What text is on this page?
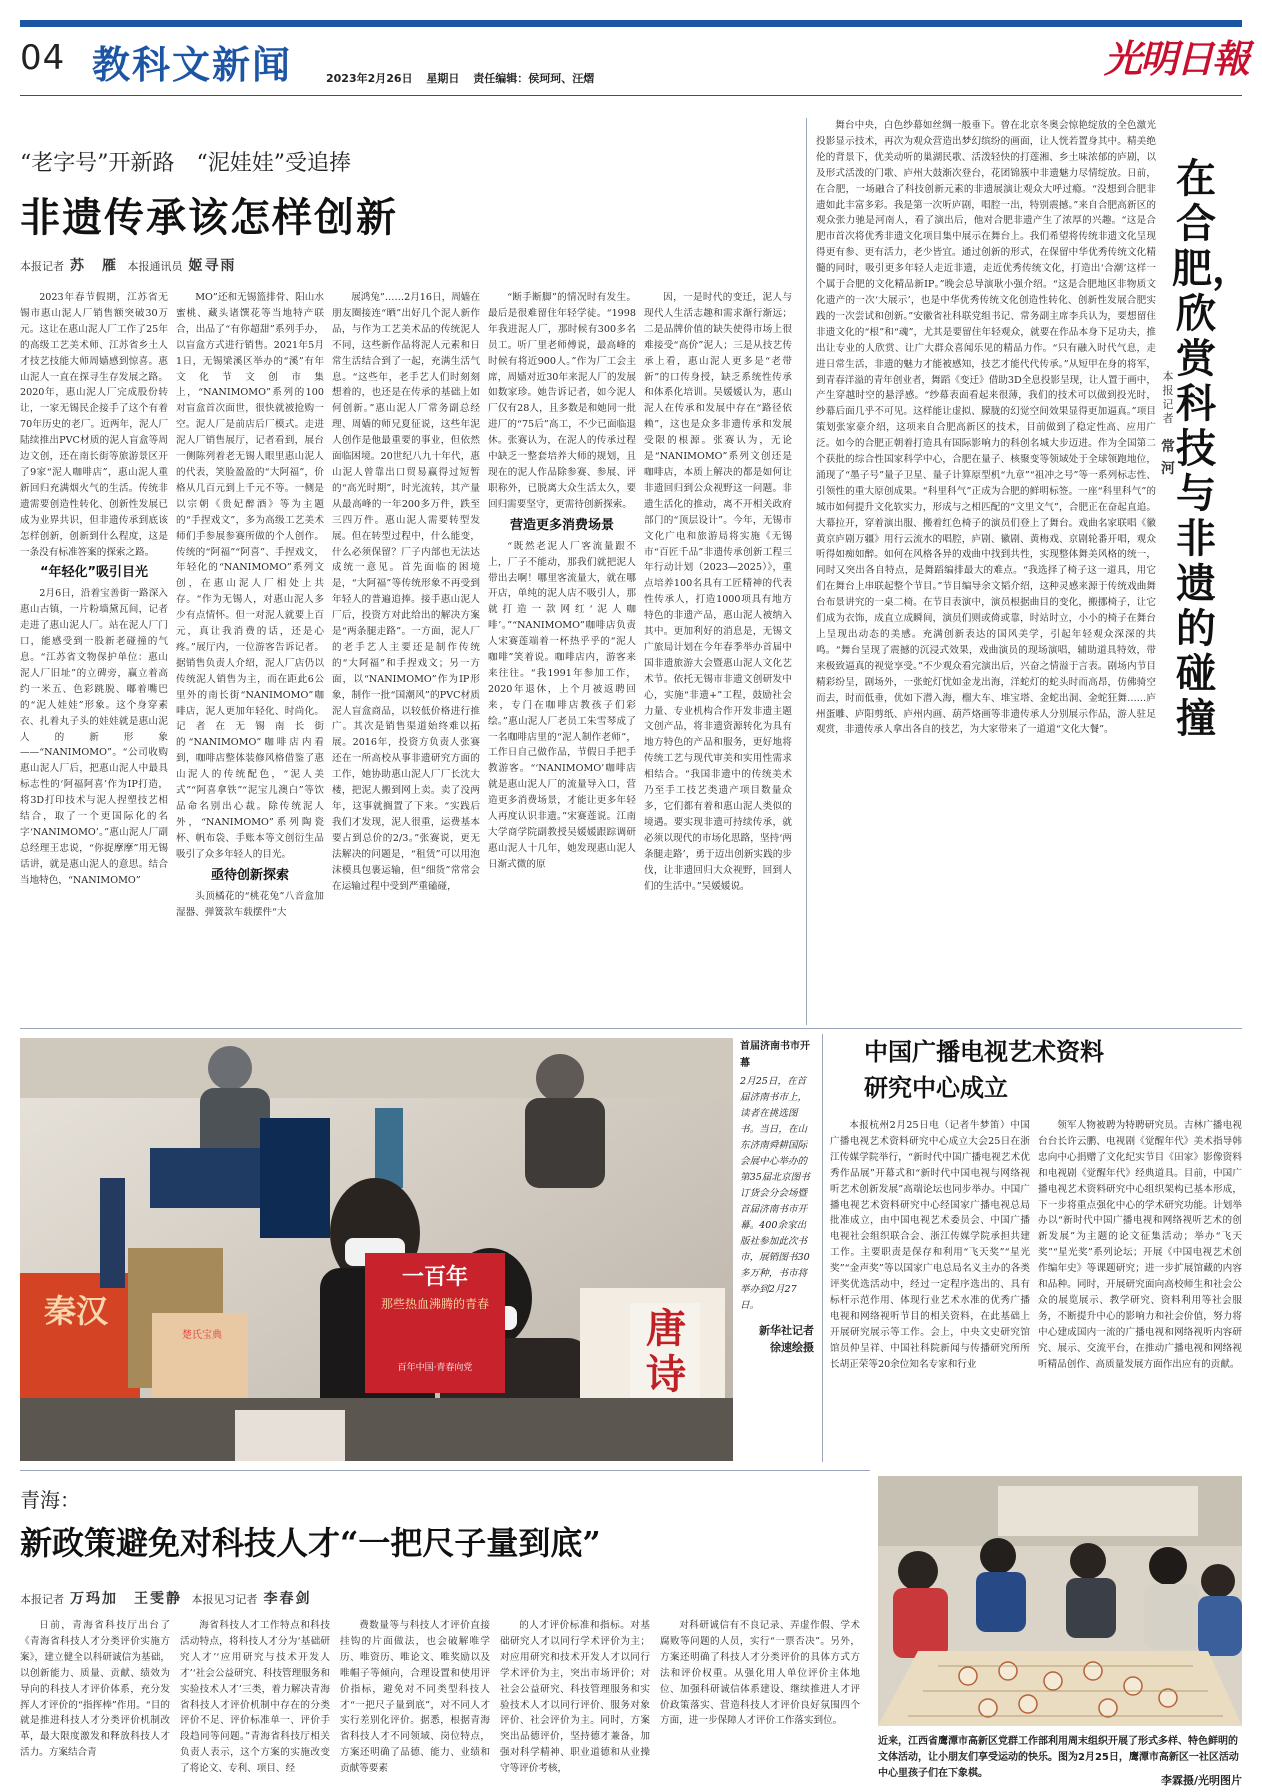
04 教科文新闻	2023年2月26日 星期日 责任编辑：侯珂珂、汪熠	光明日報
“老字号”开新路　“泥娃娃”受追捧
非遗传承该怎样创新
本报记者 苏　雁 本报通讯员 姬寻雨

2023年春节假期，江苏省无锡市惠山泥人厂销售额突破30万元。这让在惠山泥人厂工作了25年的高级工艺美术师、江苏省乡土人才技艺技能大师周嫱感到惊喜。惠山泥人一直在探寻生存发展之路。2020年，惠山泥人厂完成股份转让，一家无锡民企接手了这个有着70年历史的老厂。近两年，泥人厂陆续推出PVC材质的泥人盲盒等周边文创，还在南长街等旅游景区开了9家“泥人咖啡店”，惠山泥人重新回归充满烟火气的生活。传统非遗需要创造性转化、创新性发展已成为业界共识，但非遗传承到底该怎样创新，创新到什么程度，这是一条没有标准答案的探索之路。

“年轻化”吸引目光

2月6日，沿着宝善街一路深入惠山古镇，一片粉墙黛瓦间，记者走进了惠山泥人厂。站在泥人厂门口，能感受到一股新老碰撞的气息。“江苏省文物保护单位：惠山泥人厂旧址”的立碑旁，赢立着高约一米五、色彩跳脱、嘟着嘴巴的“泥人娃娃”形象。这个身穿素衣、扎着丸子头的娃娃就是惠山泥人的新形象——“NANIMOMO”。“公司收购惠山泥人厂后，把惠山泥人中最具标志性的‘阿福阿喜’作为IP打造，将3D打印技术与泥人捏塑技艺相结合，取了一个更国际化的名字‘NANIMOMO’。”惠山泥人厂副总经理王忠说，“你捉摩摩”用无锡话讲，就是惠山泥人的意思。结合当地特色，“NANIMOMO”

MO”还和无锡篮排骨、阳山水蜜桃、藏头诸馔花等当地特产联合，出品了“有你超甜”系列手办，以盲盒方式进行销售。2021年5月1日，无锡梁溪区举办的“溪”有年文化节文创市集上，“NANIMOMO”系列的100对盲盒首次面世，很快就被抢购一空。泥人厂是前店后厂模式。走进泥人厂销售展厅，记者看到，展台一侧陈列着老无锡人眼里惠山泥人的代表，笑脸盈盈的“大阿福”，价格从几百元到上千元不等。一侧是以宗朝《贵妃醉酒》等为主题的“手捏戏文”，多为高级工艺美术师们手参展参赛所做的个人创作。传统的“阿福”“阿喜”、手捏戏文，年轻化的“NANIMOMO”系列文创，在惠山泥人厂相处上共存。“作为无锡人，对惠山泥人多少有点情怀。但一对泥人就要上百元，真让我消费的话，还是心疼。”展厅内，一位游客告诉记者。据销售负责人介绍，泥人厂店仍以传统泥人销售为主，而在距此6公里外的南长街“NANIMOMO”咖啡店，泥人更加年轻化、时尚化。记者在无锡南长街的“NANIMOMO”咖啡店内看到，咖啡店整体装修风格借鉴了惠山泥人的传统配色，“泥人美式”“阿喜拿铁”“泥宝儿澳白”等饮品命名别出心裁。除传统泥人外，“NANIMOMO”系列陶瓷杯、帆布袋、手账本等文创衍生品吸引了众多年轻人的目光。

亟待创新探索

头顶橘花的“桃花兔”八音盒加湿器、弹簧款车载摆件“大

展鸿兔”……2月16日，周嫱在朋友圈接连“晒”出好几个泥人新作品，与作为工艺美术品的传统泥人不同，这些新作品将泥人元素和日常生活结合到了一起，充满生活气息。“这些年，老手艺人们时刻刻想着的，也还是在传承的基础上如何创新。”惠山泥人厂常务副总经理、周嫱的师兄夏征说，这些年泥人创作是他最重要的事业，但依然面临困境。20世纪八九十年代，惠山泥人曾靠出口贸易赢得过短暂的“高光时期”，时光流转，其产量从最高峰的一年200多万件，跌至三四万件。惠山泥人需要转型发展。但在转型过程中，什么能变，什么必须保留？厂子内部也无法达成统一意见。首先面临的困境是，“大阿福”等传统形象不再受到年轻人的普遍追捧。接手惠山泥人厂后，投资方对此给出的解决方案是“两条腿走路”。一方面，泥人厂的老手艺人主要还是制作传统的“大阿福”和手捏戏文；另一方面，以“NANIMOMO”作为IP形象，制作一批“国潮风”的PVC材质泥人盲盒商品，以较低价格进行推广。其次是销售渠道始终难以拓展。2016年，投资方负责人张赛还在一所高校从事非遗研究方面的工作，她协助惠山泥人厂厂长沈大楼，把泥人搬到网上卖。卖了没两年，这事就搁置了下来。“实践后我们才发现，泥人很重，运费基本要占到总价的2/3。”张赛说，更无法解决的问题是，“租赁”可以用泡沫模具包裹运输，但“细货”常常会在运输过程中受到严重磕碰，

“断手断脚”的情况时有发生。最后是很难留住年轻学徒。“1998年我进泥人厂，那时候有300多名员工。听厂里老师傅说，最高峰的时候有将近900人。”作为厂工会主席，周嫱对近30年来泥人厂的发展如数家珍。她告诉记者，如今泥人厂仅有28人，且多数是和她同一批进厂的“75后”高工，不少已面临退休。张赛认为，在泥人的传承过程中缺乏一整套培养大师的规划，且现在的泥人作品除参赛、参展、评职称外，已脱离大众生活太久，要回归需要坚守，更需待创新探索。

营造更多消费场景

“既然老泥人厂客流量跟不上，厂子不能动，那我们就把泥人带出去啊！哪里客流量大，就在哪开店，单纯的泥人店不吸引人，那就打造一款网红‘泥人咖啡’。”“NANIMOMO”咖啡店负责人宋赛莲端着一杯热乎乎的“泥人咖啡”笑着说。咖啡店内，游客来来往往。“我1991年参加工作，2020年退休，上个月被返聘回来，专门在咖啡店教孩子们彩绘。”惠山泥人厂老员工朱雪琴成了一名咖啡店里的“泥人制作老师”，工作日自己做作品，节假日手把手教游客。“‘NANIMOMO’咖啡店就是惠山泥人厂的流量导入口，营造更多消费场景，才能让更多年轻人再度认识非遗。”宋赛莲说。江南大学商学院副教授吴媛媛跟踪调研惠山泥人十几年，她发现惠山泥人日渐式微的原

因，一是时代的变迁，泥人与现代人生活志趣和需求渐行渐远；二是品牌价值的缺失使得市场上很难接受“高价”泥人；三是从技艺传承上看，惠山泥人更多是“老带新”的口传身授，缺乏系统性传承和体系化培训。吴媛媛认为，惠山泥人在传承和发展中存在“路径依赖”，这也是众多非遗传承和发展受限的根源。张赛认为，无论是“NANIMOMO”系列文创还是咖啡店，本质上解决的都是如何让非遗回归到公众视野这一问题。非遗生活化的推动，离不开相关政府部门的“顶层设计”。今年，无锡市文化广电和旅游局将实施《无锡市“百匠千品”非遗传承创新工程三年行动计划（2023—2025）》，重点培养100名具有工匠精神的代表性传承人，打造1000项具有地方特色的非遗产品，惠山泥人被纳入其中。更加利好的消息是，无锡文广旅局计划在今年春季举办首届中国非遗旅游大会暨惠山泥人文化艺术节。依托无锡市非遗文创研发中心，实施“非遗+”工程，鼓励社会力量、专业机构合作开发非遗主题文创产品，将非遗资源转化为具有地方特色的产品和服务，更好地将传统工艺与现代审美和实用性需求相结合。“我国非遗中的传统美术乃至手工技艺类遗产项目数量众多，它们都有着和惠山泥人类似的境遇。要实现非遗可持续传承，就必须以现代的市场化思路，坚持‘两条腿走路’，勇于迈出创新实践的步伐，让非遗回归大众视野，回到人们的生活中。”吴媛媛说。

舞台中央，白色纱幕如丝绸一般垂下。曾在北京冬奥会惊艳绽放的全色激光投影显示技术，再次为观众营造出梦幻缤纷的画面，让人恍若置身其中。精美绝伦的背景下，优美动听的巢湖民歌、活泼轻快的打莲湘、乡土味浓郁的庐剧，以及形式活泼的门歌、庐州大鼓渐次登台，花团锦簇中非遗魅力尽情绽放。日前，在合肥，一场融合了科技创新元素的非遗展演让观众大呼过瘾。“没想到合肥非遗如此丰富多彩。我是第一次听庐剧，唱腔一出，特别震撼。”来自合肥高新区的观众张力驰是河南人，看了演出后，他对合肥非遗产生了浓厚的兴趣。“这是合肥市首次将优秀非遗文化项目集中展示在舞台上。我们希望将传统非遗文化呈现得更有参、更有活力，老少皆宜。通过创新的形式，在保留中华优秀传统文化精髓的同时，吸引更多年轻人走近非遗，走近优秀传统文化，打造出‘合潮’这样一个属于合肥的文化精品新IP。”晚会总导演耿小强介绍。“这是合肥地区非物质文化遗产的一次‘大展示’，也是中华优秀传统文化创造性转化、创新性发展合肥实践的一次尝试和创新。”安徽省社科联党组书记、常务副主席李兵认为，要想留住非遗文化的“根”和“魂”，尤其是要留住年轻观众，就要在作品本身下足功夫，推出让专业的人欣赏、让广大群众喜闻乐见的精品力作。“只有融入时代气息，走进日常生活，非遗的魅力才能被感知，技艺才能代代传承。”从短甲在身的将军，到青春洋溢的青年创业者，舞蹈《变迁》借助3D全息投影呈现，让人置于画中，产生穿越时空的悬浮感。“纱幕表面看起来很薄，我们的技术可以做到投光时，纱幕后面几乎不可见。这样能让虚拟、朦胧的幻觉空间效果显得更加逼真。”项目策划张家豪介绍，这项来自合肥高新区的技术，目前做到了稳定性高、应用广泛。如今的合肥正朝着打造具有国际影响力的科创名城大步迈进。作为全国第二个获批的综合性国家科学中心，合肥在量子、核聚变等领域处于全球领跑地位，涌现了“墨子号”量子卫星、量子计算原型机“九章”“祖冲之号”等一系列标志性、引领性的重大原创成果。“科里科气”正成为合肥的鲜明标签。一座“科里科气”的城市如何提升文化软实力，形成与之相匹配的“文里文气”，合肥正在奋起直追。大幕拉开，穿着演出服、搬着红色椅子的演员们登上了舞台。戏曲名家联唱《徽黄京庐剧万疆》用行云流水的唱腔，庐剧、徽剧、黄梅戏、京剧轮番开唱，观众听得如痴如醉。如何在风格各异的戏曲中找到共性，实现整体舞美风格的统一，同时又突出各自特点，是舞蹈编排最大的难点。“我选择了椅子这一道具，用它们在舞台上串联起整个节目。”节目编导余文韬介绍，这种灵感来源于传统戏曲舞台布景讲究的一桌二椅。在节目表演中，演员根据曲目的变化，搬挪椅子，让它们成为衣饰，成直立成瞬间，演员们则或倚或靠，时站时立，小小的椅子在舞台上呈现出动态的美感。充满创新表达的国风美学，引起年轻观众深深的共鸣。“舞台呈现了震撼的沉浸式效果，戏曲演员的现场演唱，辅助道具特效，带来极致逼真的视觉享受。”不少观众看完演出后，兴奋之情溢于言表。剧场内节目精彩纷呈，剧场外，一张蛇灯忧如金龙出海，洋蛇灯的蛇头时而高昂，仿佛骑空而去，时而低垂，优如下潜入海，榴大车、堆宝塔、金蛇出洞、金蛇狂舞……庐州蛋雕、庐阳剪纸、庐州内画、葫芦烙画等非遗传承人分别展示作品，游人驻足观赏，非遗传承人拿出各自的技艺，为大家带来了一道道“文化大餐”。

在合肥，欣赏科技与非遗的碰撞
本报记者
常河
一百年
那些热血沸腾的青春
百年中国·青春向党
唐诗
楚氏宝典
秦汉
首届济南书市开幕
2月25日，在首届济南书市上，读者在挑选图书。当日，在山东济南舜耕国际会展中心举办的第35届北京图书订货会分会场暨首届济南书市开幕。400余家出版社参加此次书市，展销图书30多万种，书市将举办到2月27日。
新华社记者
徐速绘摄
中国广播电视艺术资料
研究中心成立

本报杭州2月25日电（记者牛梦笛）中国广播电视艺术资料研究中心成立大会25日在浙江传媒学院举行，“新时代中国广播电视艺术优秀作品展”开幕式和“新时代中国电视与网络视听艺术创新发展”高端论坛也同步举办。中国广播电视艺术资料研究中心经国家广播电视总局批准成立，由中国电视艺术委员会、中国广播电视社会组织联合会、浙江传媒学院承担共建工作。主要职责是保存和利用“飞天奖”“星光奖”“金声奖”等以国家广电总局名义主办的各类评奖优选活动中，经过一定程序选出的、具有标杆示范作用、体现行业艺术水准的优秀广播电视和网络视听节目的相关资料，在此基础上开展研究展示等工作。会上，中央文史研究馆馆员仲呈祥、中国社科院新闻与传播研究所所长胡正荣等20余位知名专家和行业

领军人物被聘为特聘研究员。吉林广播电视台台长许云鹏、电视剧《觉醒年代》美术指导韩忠向中心捐赠了文化纪实节目《田家》影像资料和电视剧《觉醒年代》经典道具。目前，中国广播电视艺术资料研究中心组织架构已基本形成，下一步将重点强化中心的学术研究功能。计划举办以“新时代中国广播电视和网络视听艺术的创新发展”为主题的论文征集活动；举办“飞天奖”“星光奖”系列论坛；开展《中国电视艺术创作编年史》等课题研究；进一步扩展馆藏的内容和品种。同时，开展研究面向高校师生和社会公众的展览展示、教学研究、资料利用等社会服务，不断提升中心的影响力和社会价值，努力将中心建成国内一流的广播电视和网络视听内容研究、展示、交流平台，在推动广播电视和网络视听精品创作、高质量发展方面作出应有的贡献。

青海：
新政策避免对科技人才“一把尺子量到底”
本报记者 万玛加　王雯静 本报见习记者 李春剑

日前，青海省科技厅出台了《青海省科技人才分类评价实施方案》，建立健全以科研诚信为基础，以创新能力、质量、贡献、绩效为导向的科技人才评价体系，充分发挥人才评价的“指挥棒”作用。“目的就是推进科技人才分类评价机制改革，最大限度激发和释放科技人才活力。方案结合青

海省科技人才工作特点和科技活动特点，将科技人才分为‘基础研究人才’‘应用研究与技术开发人才’‘社会公益研究、科技管理服务和实验技术人才’三类，着力解决青海省科技人才评价机制中存在的分类评价不足、评价标准单一、评价手段趋同等问题。”青海省科技厅相关负责人表示，这个方案的实施改变了将论文、专利、项目、经

费数量等与科技人才评价直接挂钩的片面做法，也会破解唯学历、唯资历、唯论文、唯奖励以及唯帽子等倾向，合理设置和使用评价指标，避免对不同类型科技人才“一把尺子量到底”，对不同人才实行差别化评价。据悉，根据青海省科技人才不同领域、岗位特点，方案还明确了品德、能力、业绩和贡献等要素

的人才评价标准和指标。对基础研究人才以同行学术评价为主；对应用研究和技术开发人才以同行学术评价为主，突出市场评价；对社会公益研究、科技管理服务和实验技术人才以同行评价、服务对象评价、社会评价为主。同时，方案突出品德评价，坚持德才兼备，加强对科学精神、职业道德和从业操守等评价考核，

对科研诚信有不良记录、弄虚作假、学术腐败等问题的人员，实行“一票否决”。另外，方案还明确了科技人才分类评价的具体方式方法和评价权重。从强化用人单位评价主体地位、加强科研诚信体系建设、继续推进人才评价政策落实、营造科技人才评价良好氛围四个方面，进一步保障人才评价工作落实到位。

近来，江西省鹰潭市高新区党群工作部利用周末组织开展了形式多样、特色鲜明的文体活动，让小朋友们享受运动的快乐。图为2月25日，鹰潭市高新区一社区活动中心里孩子们在下象棋。
李霖摄/光明图片
